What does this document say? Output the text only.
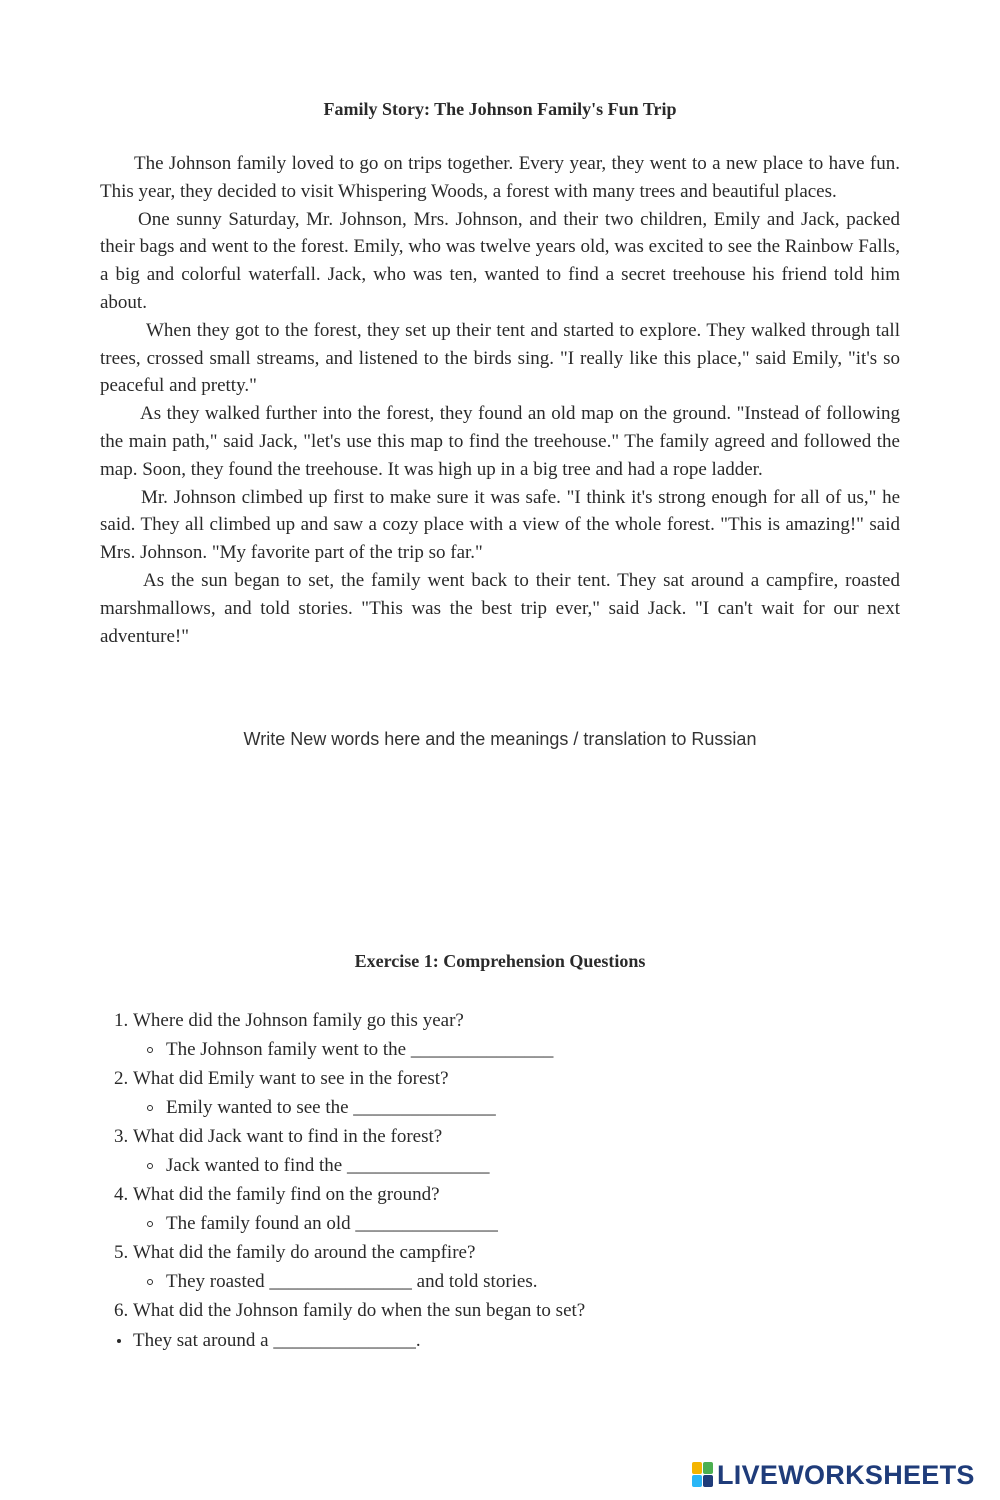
Family Story: The Johnson Family's Fun Trip

The Johnson family loved to go on trips together. Every year, they went to a new place to have fun. This year, they decided to visit Whispering Woods, a forest with many trees and beautiful places.

One sunny Saturday, Mr. Johnson, Mrs. Johnson, and their two children, Emily and Jack, packed their bags and went to the forest. Emily, who was twelve years old, was excited to see the Rainbow Falls, a big and colorful waterfall. Jack, who was ten, wanted to find a secret treehouse his friend told him about.

When they got to the forest, they set up their tent and started to explore. They walked through tall trees, crossed small streams, and listened to the birds sing. "I really like this place," said Emily, "it's so peaceful and pretty."

As they walked further into the forest, they found an old map on the ground. "Instead of following the main path," said Jack, "let's use this map to find the treehouse." The family agreed and followed the map. Soon, they found the treehouse. It was high up in a big tree and had a rope ladder.

Mr. Johnson climbed up first to make sure it was safe. "I think it's strong enough for all of us," he said. They all climbed up and saw a cozy place with a view of the whole forest. "This is amazing!" said Mrs. Johnson. "My favorite part of the trip so far."

As the sun began to set, the family went back to their tent. They sat around a campfire, roasted marshmallows, and told stories. "This was the best trip ever," said Jack. "I can't wait for our next adventure!"

Write New words here and the meanings / translation to Russian
Exercise 1: Comprehension Questions
1. Where did the Johnson family go this year?
The Johnson family went to the _______________
2. What did Emily want to see in the forest?
Emily wanted to see the _______________
3. What did Jack want to find in the forest?
Jack wanted to find the _______________
4. What did the family find on the ground?
The family found an old _______________
5. What did the family do around the campfire?
They roasted _______________ and told stories.
6. What did the Johnson family do when the sun began to set?
They sat around a _______________.
LIVEWORKSHEETS
